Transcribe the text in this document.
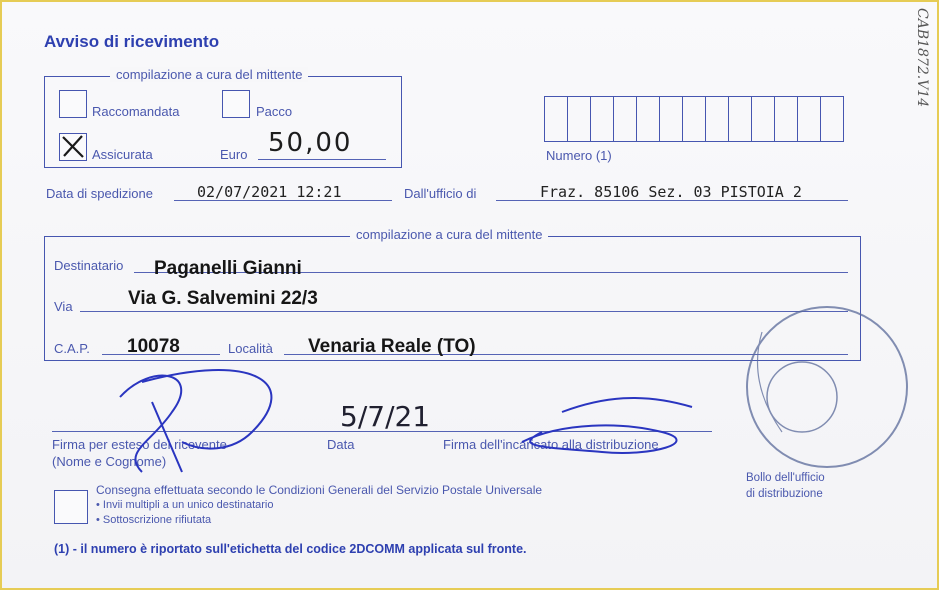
Avviso di ricevimento
compilazione a cura del mittente
Raccomandata	Pacco
Assicurata	Euro 50,00	Numero (1)
Data di spedizione	02/07/2021 12:21	Dall'ufficio di	Fraz. 85106 Sez. 03 PISTOIA 2
compilazione a cura del mittente
Destinatario Paganelli Gianni
Via	Via G. Salvemini 22/3
C.A.P. 10078	Località Venaria Reale (TO)
Firma per esteso del ricevente
(Nome e Cognome)
Data
5/7/21
Firma dell'incaricato alla distribuzione
Bollo dell'ufficio
di distribuzione
Consegna effettuata secondo le Condizioni Generali del Servizio Postale Universale
• Invii multipli a un unico destinatario
• Sottoscrizione rifiutata
(1) - il numero è riportato sull'etichetta del codice 2DCOMM applicata sul fronte.
CAB1872.V14
